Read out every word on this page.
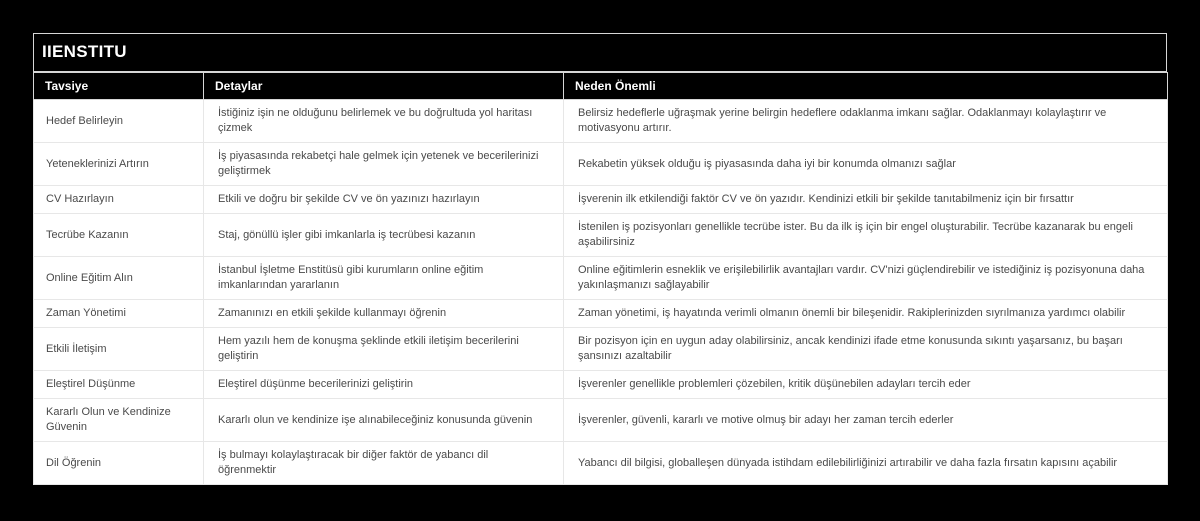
IIENSTITU
Tavsiye	Detaylar	Neden Önemli
Hedef Belirleyin	İstiğiniz işin ne olduğunu belirlemek ve bu doğrultuda yol haritası çizmek	Belirsiz hedeflerle uğraşmak yerine belirgin hedeflere odaklanma imkanı sağlar. Odaklanmayı kolaylaştırır ve motivasyonu artırır.
Yeteneklerinizi Artırın	İş piyasasında rekabetçi hale gelmek için yetenek ve becerilerinizi geliştirmek	Rekabetin yüksek olduğu iş piyasasında daha iyi bir konumda olmanızı sağlar
CV Hazırlayın	Etkili ve doğru bir şekilde CV ve ön yazınızı hazırlayın	İşverenin ilk etkilendiği faktör CV ve ön yazıdır. Kendinizi etkili bir şekilde tanıtabilmeniz için bir fırsattır
Tecrübe Kazanın	Staj, gönüllü işler gibi imkanlarla iş tecrübesi kazanın	İstenilen iş pozisyonları genellikle tecrübe ister. Bu da ilk iş için bir engel oluşturabilir. Tecrübe kazanarak bu engeli aşabilirsiniz
Online Eğitim Alın	İstanbul İşletme Enstitüsü gibi kurumların online eğitim imkanlarından yararlanın	Online eğitimlerin esneklik ve erişilebilirlik avantajları vardır. CV'nizi güçlendirebilir ve istediğiniz iş pozisyonuna daha yakınlaşmanızı sağlayabilir
Zaman Yönetimi	Zamanınızı en etkili şekilde kullanmayı öğrenin	Zaman yönetimi, iş hayatında verimli olmanın önemli bir bileşenidir. Rakiplerinizden sıyrılmanıza yardımcı olabilir
Etkili İletişim	Hem yazılı hem de konuşma şeklinde etkili iletişim becerilerini geliştirin	Bir pozisyon için en uygun aday olabilirsiniz, ancak kendinizi ifade etme konusunda sıkıntı yaşarsanız, bu başarı şansınızı azaltabilir
Eleştirel Düşünme	Eleştirel düşünme becerilerinizi geliştirin	İşverenler genellikle problemleri çözebilen, kritik düşünebilen adayları tercih eder
Kararlı Olun ve Kendinize Güvenin	Kararlı olun ve kendinize işe alınabileceğiniz konusunda güvenin	İşverenler, güvenli, kararlı ve motive olmuş bir adayı her zaman tercih ederler
Dil Öğrenin	İş bulmayı kolaylaştıracak bir diğer faktör de yabancı dil öğrenmektir	Yabancı dil bilgisi, globalleşen dünyada istihdam edilebilirliğinizi artırabilir ve daha fazla fırsatın kapısını açabilir
